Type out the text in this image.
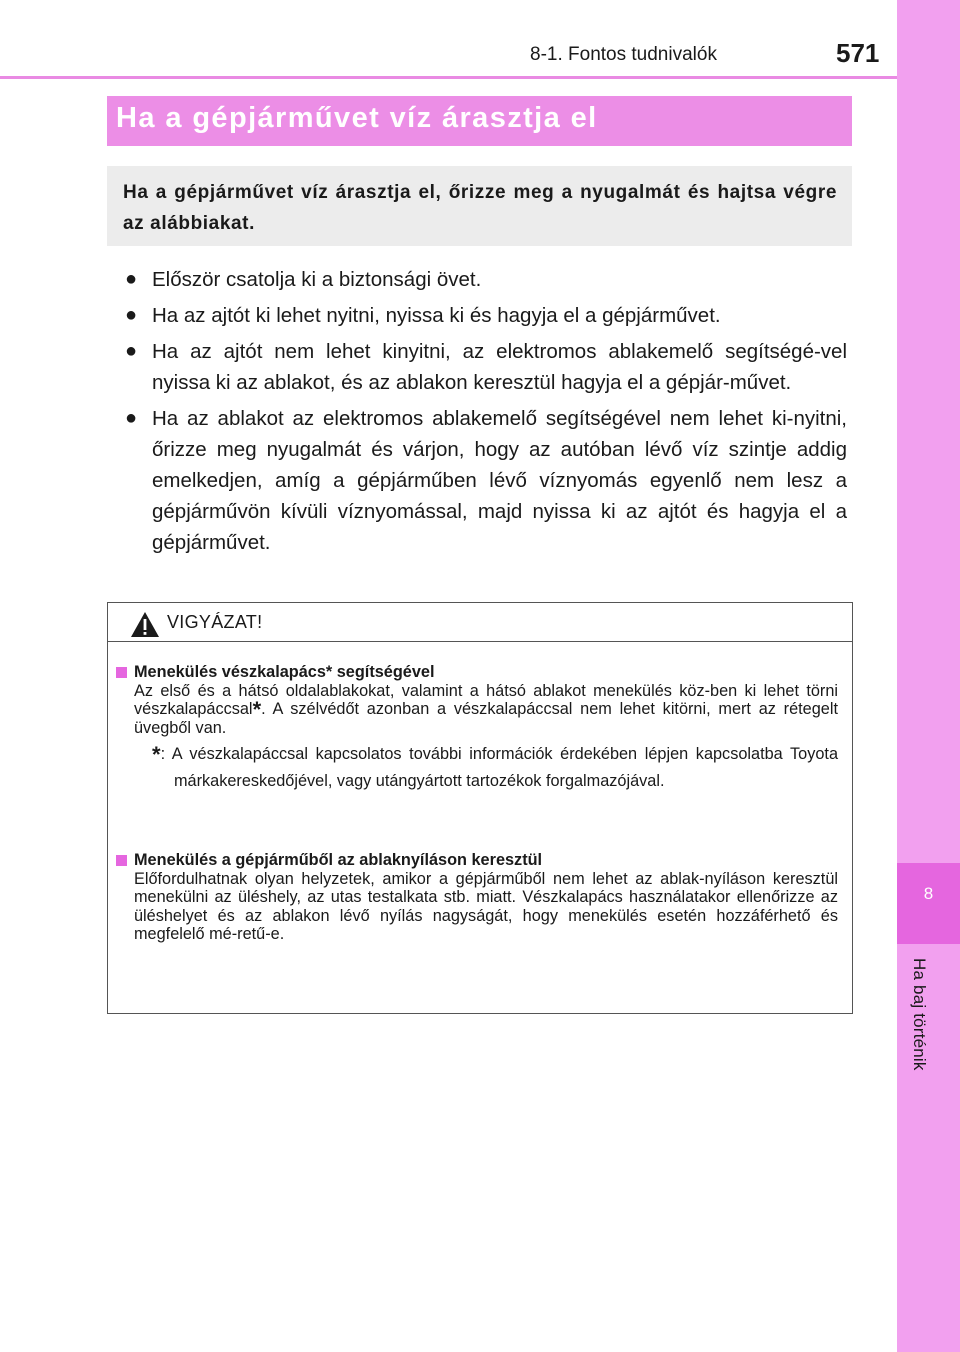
8-1. Fontos tudnivalók	571
8
Ha baj történik
Ha a gépjárművet víz árasztja el

Ha a gépjárművet víz árasztja el, őrizze meg a nyugalmát és hajtsa végre az alábbiakat.

● Először csatolja ki a biztonsági övet.
● Ha az ajtót ki lehet nyitni, nyissa ki és hagyja el a gépjárművet.
● Ha az ajtót nem lehet kinyitni, az elektromos ablakemelő segítségé-vel nyissa ki az ablakot, és az ablakon keresztül hagyja el a gépjár-művet.
● Ha az ablakot az elektromos ablakemelő segítségével nem lehet ki-nyitni, őrizze meg nyugalmát és várjon, hogy az autóban lévő víz szintje addig emelkedjen, amíg a gépjárműben lévő víznyomás egyenlő nem lesz a gépjárművön kívüli víznyomással, majd nyissa ki az ajtót és hagyja el a gépjárművet.
VIGYÁZAT!
Menekülés vészkalapács* segítségével
Az első és a hátsó oldalablakokat, valamint a hátsó ablakot menekülés köz-ben ki lehet törni vészkalapáccsal*. A szélvédőt azonban a vészkalapáccsal nem lehet kitörni, mert az rétegelt üvegből van.
*: A vészkalapáccsal kapcsolatos további információk érdekében lépjen kapcsolatba Toyota márkakereskedőjével, vagy utángyártott tartozékok forgalmazójával.
Menekülés a gépjárműből az ablaknyíláson keresztül
Előfordulhatnak olyan helyzetek, amikor a gépjárműből nem lehet az ablak-nyíláson keresztül menekülni az üléshely, az utas testalkata stb. miatt. Vészkalapács használatakor ellenőrizze az üléshelyet és az ablakon lévő nyílás nagyságát, hogy menekülés esetén hozzáférhető és megfelelő mé-retű-e.
